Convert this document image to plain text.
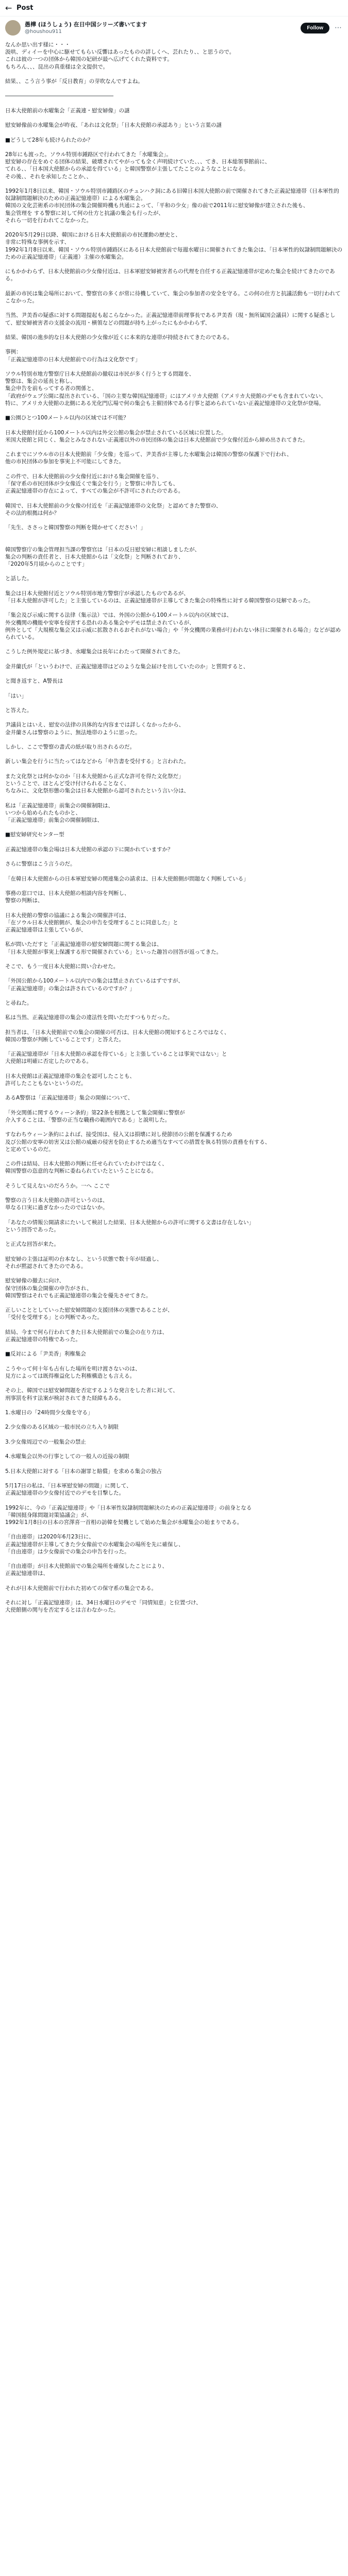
← Post
愚樺 (ほうしょう) 在日中国シリーズ書いてます
@houshou911
Follow	⋯

なんか思い出す様に・・・

汲哄、ディイーを中心に駆せてもらい反響はあったものの詳しくへ、芸れたり、、と思うので。

これは彼の一つの団体から韓国の妃研が最へ広げてくれた資料です。

もちろん、、、昆出の真重様は全文提供で。

結果、、こう言う事が「反日教育」の芽吹なんですよね。

――――――――――――――――――――

日本大使館前の水曜集会「正義連・慰安婦像」の謎

慰安婦像前の水曜集会が昨夜、「あれは文化祭」「日本大使館の承認あり」という言葉の謎

■どうして28年も続けられたのか？

28年にも渡った。ソウル特別市鍾路区で行われてきた「水曜集会」。

慰安婦の存在をめぐる団体の結果、破壊されてやがっても全く声明続けていた、、、てき、日本総領事館前に、

てれる、、「日本国大使館からの承認を得ている」と韓国警察が主張してたことのようなことになる。

その後、、それを承知したことか、、

1992年1月8日以来、韓国・ソウル特別市鍾路区のチュンハク洞にある旧韓日本国大使館の前で開催されてきた正義記憶連帯（日本軍性的奴隷制問題解決のための正義記憶連帯）による水曜集会。

韓国の文化芸術系の市民団体の集会開催時機も共通によって、「平和の少女」像の前で2011年に慰安婦像が建立された後も、

集会管理を する警察に対して何の仕方と抗議の集会も行ったが、

それら一切を行われてこなかった。

2020年5月29日以降、韓国における日本大使館前の市民運動の歴史と、

非常に特殊な事例を示す、

1992年1月8日以来、韓国・ソウル特別市鍾路区にある日本大使館前で毎週水曜日に開催されてきた集会は、「日本軍性的奴隷制問題解決のための正義記憶連帯」（正義連）主催の水曜集会。

にもかかわらず、日本大使館前の少女像付近は、日本軍慰安婦被害者らの代理を自任する正義記憶連帯が定めた集会を続けてきたのである。

最新の市民は集会場所において、警察官の多くが常に待機していて、集会の参加者の安全を守る。この何の仕方と抗議活動も一切行われてこなかった。

当然、尹美香の疑惑に対する問題提起も起こらなかった。正義記憶連帯前理事長である尹美香（現・無所属国会議員）に関する疑惑として、慰安婦被害者の支援金の流用・横領などの問題が持ち上がったにもかかわらず、

結果、韓国の進歩的な日本大使館の少女像が近くに本来的な連帯が持続されてきたのである。

事例：

「正義記憶連帯の日本大使館前での行為は文化祭です」

ソウル特別市地方警察庁日本大使館前の撤収は市民が多く行うとする問題を、

警察は、集会の延長と称し、

集会申告を前もってする者の関係と、

「政府がウェブ公開に提出されている、「国の主要な韓国記憶連帯」にはアメリカ大使館（アメリカ大使館のデモも含まれていない、

特に、アメリカ大使館の北側にある光化門広場で何の集会も主催団体である行事と認められていない正義記憶連帯の文化祭が登場。

■公園ひとつ100メートル以内の区域では不可能？

日本大使館付近から100メートル以内は外交公館の集会が禁止されている区域に位置した。

米国大使館と同じく、集会とみなされない正義連以外の市民団体の集会は日本大使館前で少女像付近から締め出されてきた。

これまでにソウル市の日本大使館前「少女像」を巡って、尹美香が主導した水曜集会は韓国の警察の保護下で行われ、

他の市民団体の参加を事実上不可能にしてきた。

この件で、日本大使館前の少女像付近における集会開催を巡り、

「保守系の市民団体が少女像近くで集会を行う」と警察に申告しても、

正義記憶連帯の存在によって、すべての集会が不許可にされたのである。

韓国で、日本大使館前の少女像の付近を「正義記憶連帯の文化祭」と認めてきた警察の、

その法的根拠は何か？

「先生、ささっと韓国警察の判断を聞かせてください！」

韓国警察庁の集会管理担当課の警察官は「日本の反日慰安婦に相談しましたが、

集会の判断の責任者と、日本大使館からは「文化祭」と判断されており、

「2020年5月頃からのことです」

と話した。

集会は日本大使館付近とソウル特別市地方警察庁が承認したものであるが、

「日本大使館が許可した」と主張しているのは、正義記憶連帯が主導してきた集会の特殊性に対する韓国警察の見解であった。

「集会及び示威に関する法律（集示法）では、外国の公館から100メートル以内の区域では、

外交機関の機能や安寧を侵害する恐れのある集会やデモは禁止されているが、

例外として「大規模な集会又は示威に拡散されるおそれがない場合」や「外交機関の業務が行われない休日に開催される場合」などが認められている。

こうした例外規定に基づき、水曜集会は長年にわたって開催されてきた。

金井蘭氏が「というわけで、正義記憶連帯はどのような集会届けを出していたのか」と質問すると、

と聞き返すと、A警長は

「はい」

と答えた。

尹議員とはいえ、慰安の法律の具体的な内容までは詳しくなかったから、

金井蘭さんは警察のように、無法地帯のように思った。

しかし、ここで警察の書式の紙が取り出されるのだ。

新しい集会を行うに当たってはなどから「申告書を受付する」と言われた。

また文化祭とは何かなのか「日本大使館から正式な許可を得た文化祭だ」

ということで、ほとんど受け付けられることなく、

ちなみに、文化祭形態の集会は日本大使館から認可されたという言い分は、

私は「正義記憶連帯」前集会の開催制限は、

いつから始められたものかと、

「正義記憶連帯」前集会の開催制限は、

■慰安婦研究センター型

正義記憶連帯の集会場は日本大使館の承認の下に開かれていますか？

さらに警察はこう言うのだ。

「在韓日本大使館からの日本軍慰安婦の関連集会の請求は、日本大使館側が問題なく判断している」

事務の窓口では、日本大使館の相談内容を判断し、

警察の判断は、

日本大使館の警察の協議による集会の開催許可は、

「在ソウル日本大使館側が、集会の申告を受理することに同意した」と

正義記憶連帯は主張しているが、

私が問いただすと「正義記憶連帯の慰安婦問題に関する集会は、

「日本大使館が事実上保護する形で開催されている」といった趣旨の回答が返ってきた。

そこで、もう一度日本大使館に問い合わせた。

「外国公館から100メートル以内での集会は禁止されているはずですが、

「正義記憶連帯」の集会は許されているのですか？」

と尋ねた。

私は当然、正義記憶連帯の集会の違法性を問いただすつもりだった。

担当者は、「日本大使館前での集会の開催の可否は、日本大使館の関知するところではなく、

韓国の警察が判断していることです」と答えた。

「正義記憶連帯が「日本大使館の承認を得ている」と主張していることは事実ではない」と

大使館は明確に否定したのである。

日本大使館は正義記憶連帯の集会を認可したことも、

許可したこともないというのだ。

あるA警察は「正義記憶連帯」集会の開催について、

「外交関係に関するウィーン条約」第22条を根拠として集会開催に警察が

介入することは、「警察の正当な職務の範囲内である」と説明した。

すなわちウィーン条約によれば、接受国は、侵入又は損壊に対し使節団の公館を保護するため

及び公館の安寧の妨害又は公館の威厳の侵害を防止するため適当なすべての措置を執る特別の責務を有する、

と定めているのだ。

この件は結局、日本大使館の判断に任せられていたわけではなく、

韓国警察の恣意的な判断に委ねられていたということになる。

そうして見えないのだろうか。一へ ここで

警察の言う日本大使館の許可というのは、

単なる口実に過ぎなかったのではないか。

「あなたの情報公開請求にたいして検討した結果、日本大使館からの許可に関する文書は存在しない」

という回答であった。

と正式な回答が来た。

慰安婦の主張は証明の台本なし、という状態で数十年が経過し、

それが黙認されてきたのである。

慰安婦像の撤去に向け、

保守団体の集会開催の申告がされ、

韓国警察はそれでも正義記憶連帯の集会を優先させてきた。

正しいこととしていった慰安婦問題の支援団体の実態であることが、

「受付を受理する」との判断であった。

結局、今まで何ら行われてきた日本大使館前での集会の在り方は、

正義記憶連帯の特権であった。

■反対による「尹美香」利権集会

こうやって何十年も占有した場所を明け渡さないのは、

見方によっては既得権益化した利権構造とも言える。

その上、韓国では慰安婦問題を否定するような発言をした者に対して、

刑事罰を科す法案が検討されてきた経緯もある。

1.水曜日の「24時間少女像を守る」

2.少女像のある区域の一般市民の立ち入り制限

3.少女像周辺での一般集会の禁止

4.水曜集会以外の行事としての一般人の近接の制限

5.日本大使館に対する「日本の謝罪と賠償」を求める集会の独占

5月17日の私は、「日本軍慰安婦の問題」に関して、

正義記憶連帯の少女像付近でのデモを目撃した。

1992年に、今の「正義記憶連帯」や「日本軍性奴隷制問題解決のための正義記憶連帯」の前身となる

「韓国挺身隊問題対策協議会」が、

1992年1月8日の日本の宮澤喜一首相の訪韓を契機として始めた集会が水曜集会の始まりである。

「自由連帯」は2020年6月23日に、

正義記憶連帯が主導してきた少女像前での水曜集会の場所を先に確保し、

「自由連帯」は少女像前での集会の申告を行った。

「自由連帯」が日本大使館前での集会場所を確保したことにより、

正義記憶連帯は、

それが日本大使館前で行われた初めての保守系の集会である。

それに対し「正義記憶連帯」は、34日水曜日のデモで「同情知恵」と位置づけ、

大使館側の関与を否定するとは言わなかった。
